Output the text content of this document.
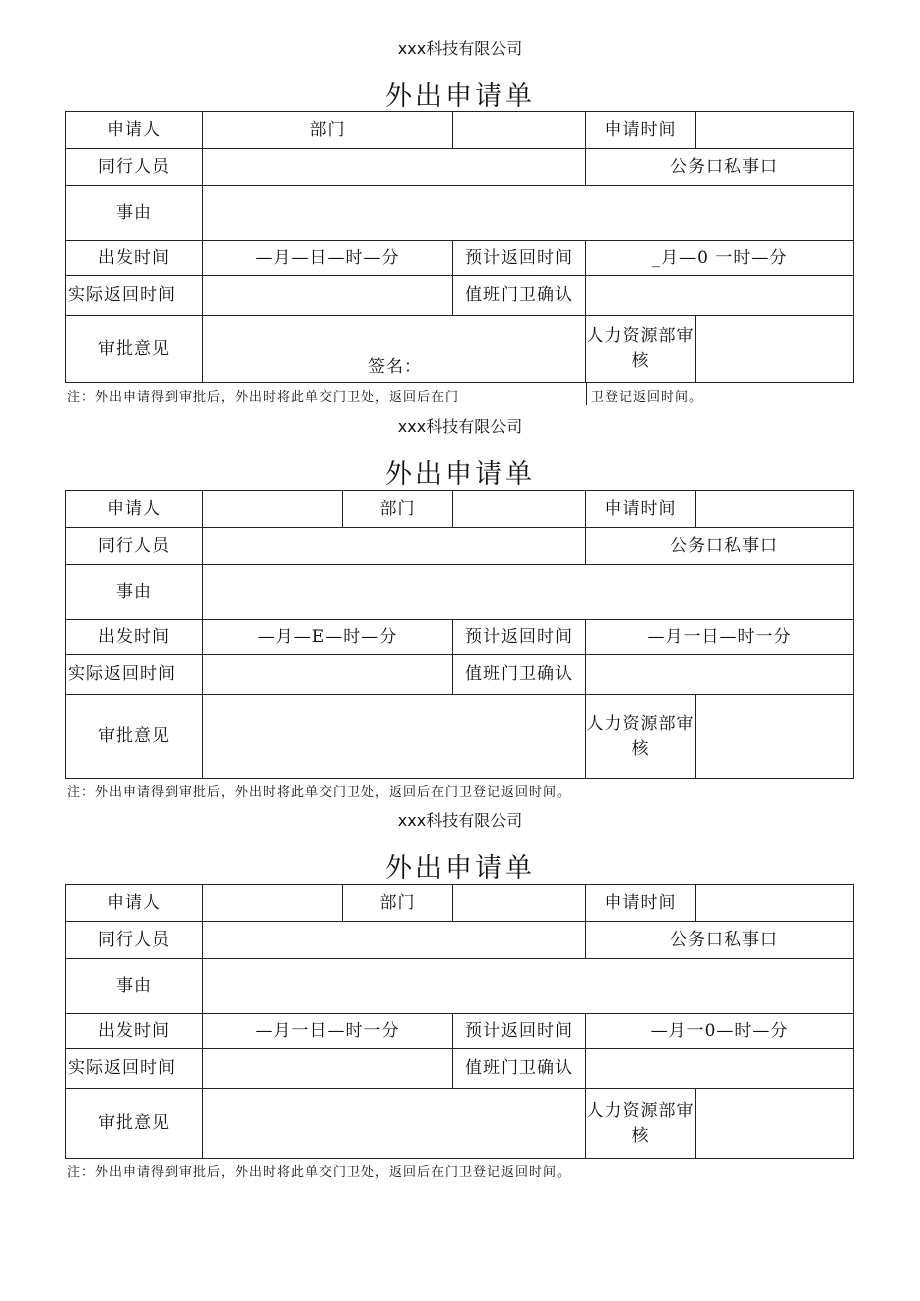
xxx科技有限公司
外出申请单
申请人	部门		申请时间	
同行人员			公务口私事口	
事由				
出发时间	—月—日—时—分	预计返回时间	_月—0 一时—分	
实际返回时间		值班门卫确认		
审批意见	签名：		人力资源部审核	
注：外出申请得到审批后，外出时将此单交门卫处，返回后在门	卫登记返回时间。
xxx科技有限公司
外出申请单
申请人		部门		申请时间	
同行人员				公务口私事口	
事由					
出发时间	—月—E—时—分		预计返回时间	—月一日—时一分	
实际返回时间			值班门卫确认		
审批意见				人力资源部审核	
注：外出申请得到审批后，外出时将此单交门卫处，返回后在门卫登记返回时间。
xxx科技有限公司
外出申请单
申请人		部门		申请时间	
同行人员				公务口私事口	
事由					
出发时间	—月一日—时一分		预计返回时间	—月一0—时—分	
实际返回时间			值班门卫确认		
审批意见				人力资源部审核	
注：外出申请得到审批后，外出时将此单交门卫处，返回后在门卫登记返回时间。
